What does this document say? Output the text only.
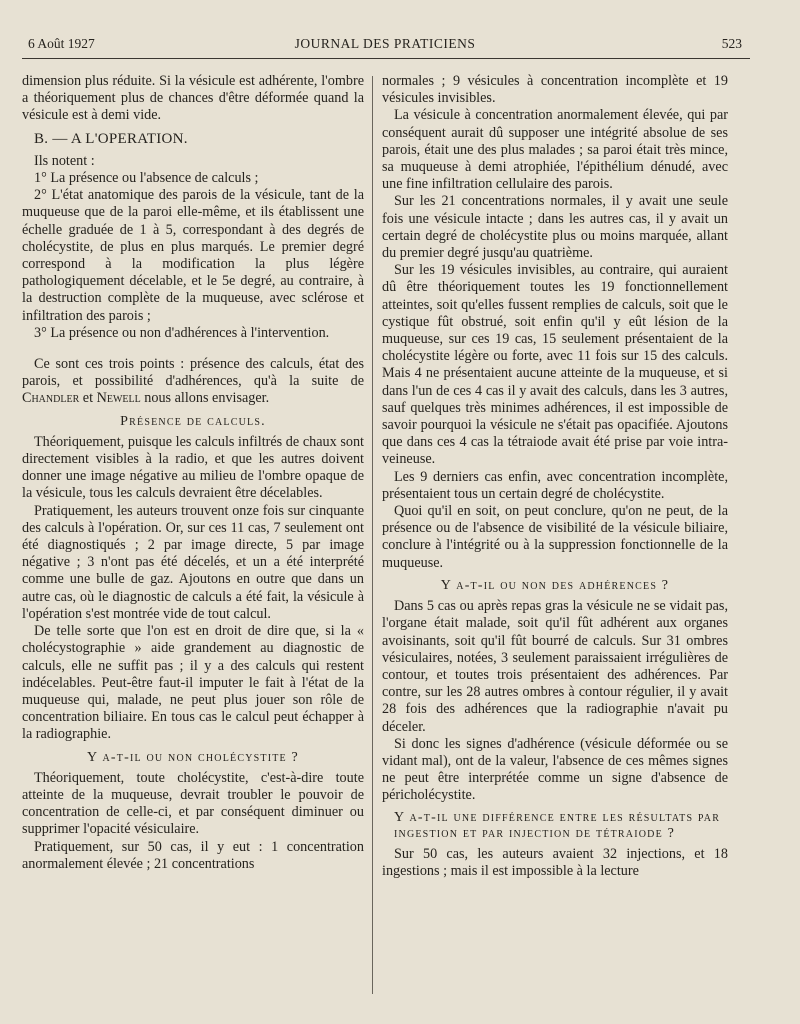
6 Août 1927	JOURNAL DES PRATICIENS	523

dimension plus réduite. Si la vésicule est adhérente, l'ombre a théoriquement plus de chances d'être déformée quand la vésicule est à demi vide.

B. — A L'OPERATION.

Ils notent :

1° La présence ou l'absence de calculs ;

2° L'état anatomique des parois de la vésicule, tant de la muqueuse que de la paroi elle-même, et ils établissent une échelle graduée de 1 à 5, correspondant à des degrés de cholécystite, de plus en plus marqués. Le premier degré correspond à la modification la plus légère pathologiquement décelable, et le 5e degré, au contraire, à la destruction complète de la muqueuse, avec sclérose et infiltration des parois ;

3° La présence ou non d'adhérences à l'intervention.

Ce sont ces trois points : présence des calculs, état des parois, et possibilité d'adhérences, qu'à la suite de Chandler et Newell nous allons envisager.

Présence de calculs.

Théoriquement, puisque les calculs infiltrés de chaux sont directement visibles à la radio, et que les autres doivent donner une image négative au milieu de l'ombre opaque de la vésicule, tous les calculs devraient être décelables.

Pratiquement, les auteurs trouvent onze fois sur cinquante des calculs à l'opération. Or, sur ces 11 cas, 7 seulement ont été diagnostiqués ; 2 par image directe, 5 par image négative ; 3 n'ont pas été décelés, et un a été interprété comme une bulle de gaz. Ajoutons en outre que dans un autre cas, où le diagnostic de calculs a été fait, la vésicule à l'opération s'est montrée vide de tout calcul.

De telle sorte que l'on est en droit de dire que, si la « cholécystographie » aide grandement au diagnostic de calculs, elle ne suffit pas ; il y a des calculs qui restent indécelables. Peut-être faut-il imputer le fait à l'état de la muqueuse qui, malade, ne peut plus jouer son rôle de concentration biliaire. En tous cas le calcul peut échapper à la radiographie.

Y a-t-il ou non cholécystite ?

Théoriquement, toute cholécystite, c'est-à-dire toute atteinte de la muqueuse, devrait troubler le pouvoir de concentration de celle-ci, et par conséquent diminuer ou supprimer l'opacité vésiculaire.

Pratiquement, sur 50 cas, il y eut : 1 concentration anormalement élevée ; 21 concentrations

normales ; 9 vésicules à concentration incomplète et 19 vésicules invisibles.

La vésicule à concentration anormalement élevée, qui par conséquent aurait dû supposer une intégrité absolue de ses parois, était une des plus malades ; sa paroi était très mince, sa muqueuse à demi atrophiée, l'épithélium dénudé, avec une fine infiltration cellulaire des parois.

Sur les 21 concentrations normales, il y avait une seule fois une vésicule intacte ; dans les autres cas, il y avait un certain degré de cholécystite plus ou moins marquée, allant du premier degré jusqu'au quatrième.

Sur les 19 vésicules invisibles, au contraire, qui auraient dû être théoriquement toutes les 19 fonctionnellement atteintes, soit qu'elles fussent remplies de calculs, soit que le cystique fût obstrué, soit enfin qu'il y eût lésion de la muqueuse, sur ces 19 cas, 15 seulement présentaient de la cholécystite légère ou forte, avec 11 fois sur 15 des calculs. Mais 4 ne présentaient aucune atteinte de la muqueuse, et si dans l'un de ces 4 cas il y avait des calculs, dans les 3 autres, sauf quelques très minimes adhérences, il est impossible de savoir pourquoi la vésicule ne s'était pas opacifiée. Ajoutons que dans ces 4 cas la tétraiode avait été prise par voie intra-veineuse.

Les 9 derniers cas enfin, avec concentration incomplète, présentaient tous un certain degré de cholécystite.

Quoi qu'il en soit, on peut conclure, qu'on ne peut, de la présence ou de l'absence de visibilité de la vésicule biliaire, conclure à l'intégrité ou à la suppression fonctionnelle de la muqueuse.

Y a-t-il ou non des adhérences ?

Dans 5 cas ou après repas gras la vésicule ne se vidait pas, l'organe était malade, soit qu'il fût adhérent aux organes avoisinants, soit qu'il fût bourré de calculs. Sur 31 ombres vésiculaires, notées, 3 seulement paraissaient irrégulières de contour, et toutes trois présentaient des adhérences. Par contre, sur les 28 autres ombres à contour régulier, il y avait 28 fois des adhérences que la radiographie n'avait pu déceler.

Si donc les signes d'adhérence (vésicule déformée ou se vidant mal), ont de la valeur, l'absence de ces mêmes signes ne peut être interprétée comme un signe d'absence de péricholécystite.

Y a-t-il une différence entre les résultats par ingestion et par injection de tétraiode ?

Sur 50 cas, les auteurs avaient 32 injections, et 18 ingestions ; mais il est impossible à la lecture
